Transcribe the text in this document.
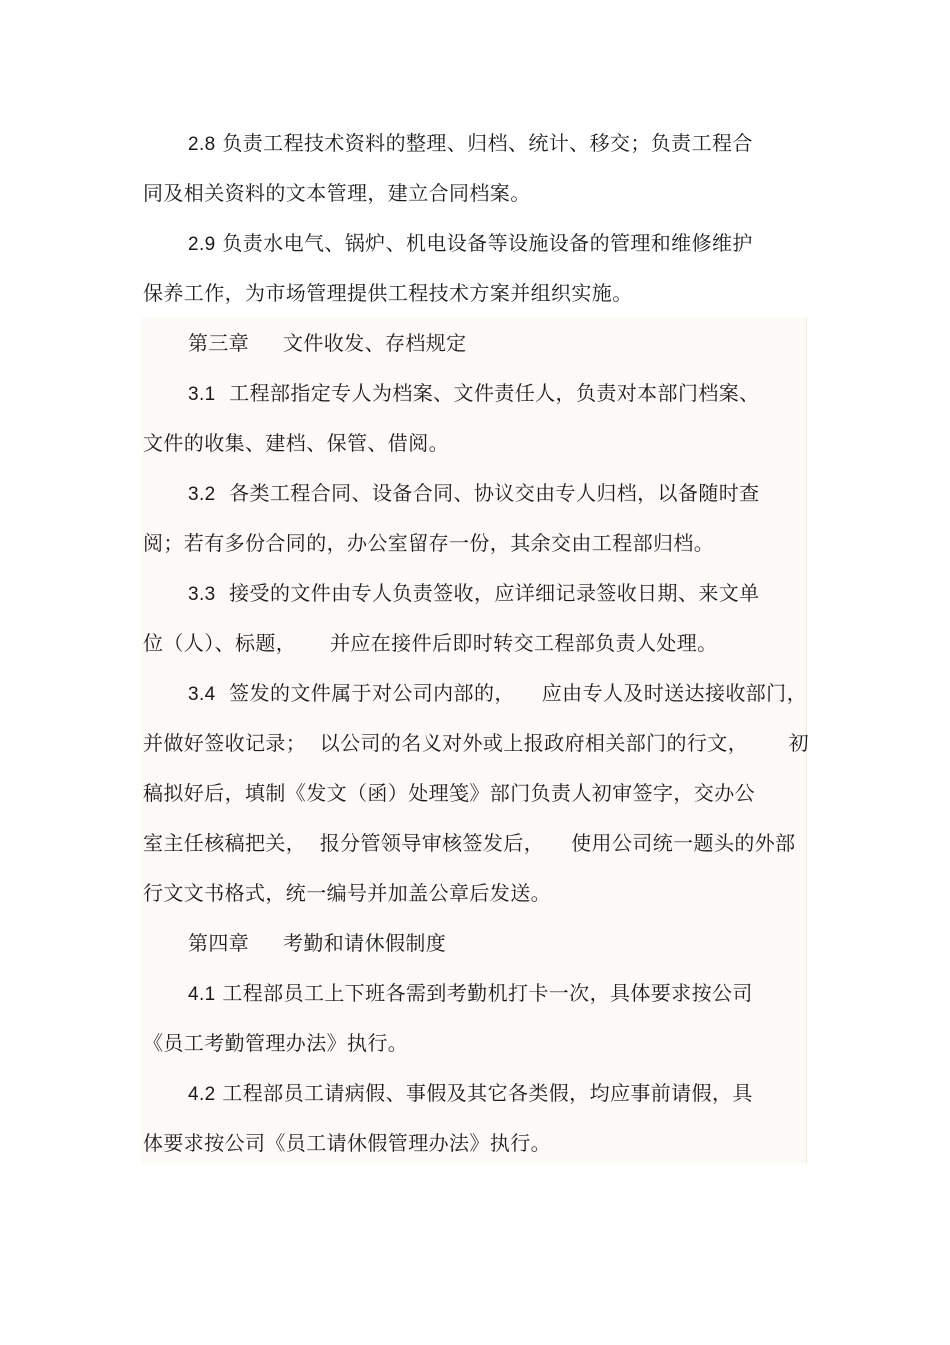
2.8 负责工程技术资料的整理、归档、统计、移交；负责工程合
同及相关资料的文本管理，建立合同档案。
2.9 负责水电气、锅炉、机电设备等设施设备的管理和维修维护
保养工作，为市场管理提供工程技术方案并组织实施。
第三章     文件收发、存档规定
3.1  工程部指定专人为档案、文件责任人，负责对本部门档案、
文件的收集、建档、保管、借阅。
3.2  各类工程合同、设备合同、协议交由专人归档，以备随时查
阅；若有多份合同的，办公室留存一份，其余交由工程部归档。
3.3  接受的文件由专人负责签收，应详细记录签收日期、来文单
位（人）、标题，     并应在接件后即时转交工程部负责人处理。
3.4  签发的文件属于对公司内部的，    应由专人及时送达接收部门，
并做好签收记录；  以公司的名义对外或上报政府相关部门的行文，      初
稿拟好后，填制《发文（函）处理笺》部门负责人初审签字，交办公
室主任核稿把关，  报分管领导审核签发后，    使用公司统一题头的外部
行文文书格式，统一编号并加盖公章后发送。
第四章     考勤和请休假制度
4.1 工程部员工上下班各需到考勤机打卡一次，具体要求按公司
《员工考勤管理办法》执行。
4.2 工程部员工请病假、事假及其它各类假，均应事前请假，具
体要求按公司《员工请休假管理办法》执行。
